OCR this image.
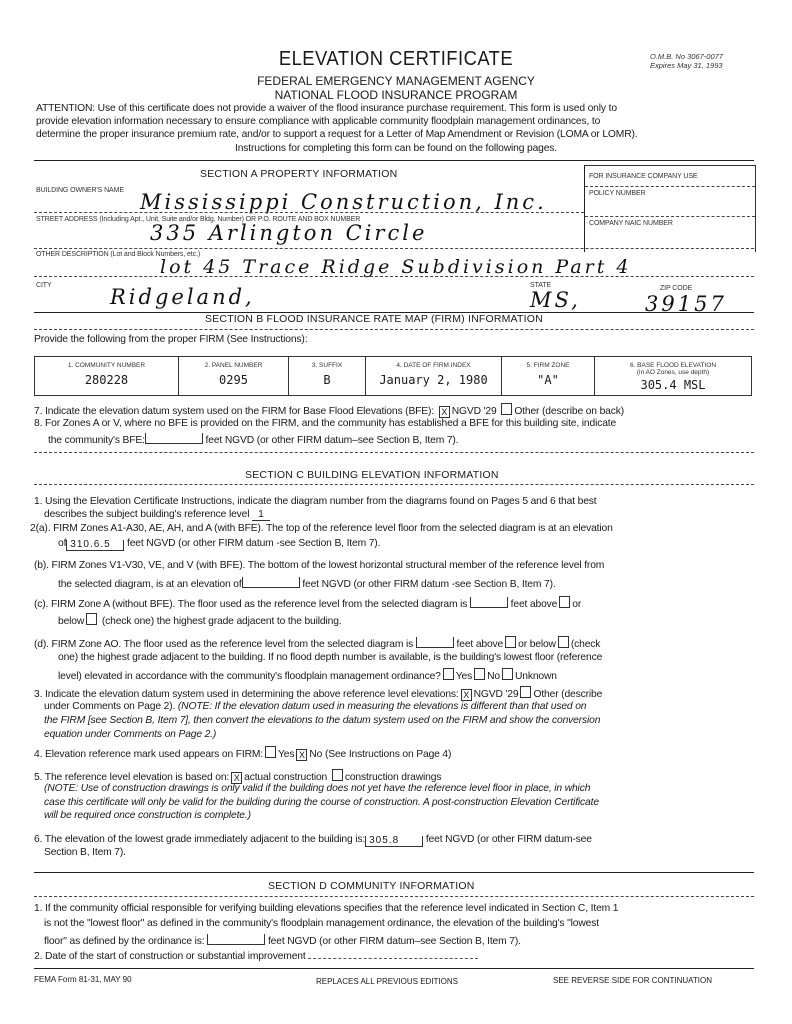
ELEVATION CERTIFICATE	O.M.B. No 3067-0077
Expires May 31, 1993
FEDERAL EMERGENCY MANAGEMENT AGENCY
NATIONAL FLOOD INSURANCE PROGRAM
ATTENTION: Use of this certificate does not provide a waiver of the flood insurance purchase requirement. This form is used only to
provide elevation information necessary to ensure compliance with applicable community floodplain management ordinances, to
determine the proper insurance premium rate, and/or to support a request for a Letter of Map Amendment or Revision (LOMA or LOMR).
Instructions for completing this form can be found on the following pages.
SECTION A PROPERTY INFORMATION	FOR INSURANCE COMPANY USE
POLICY NUMBER
COMPANY NAIC NUMBER
BUILDING OWNER'S NAME Mississippi Construction, Inc.
STREET ADDRESS (Including Apt., Unit, Suite and/or Bldg. Number) OR P.O. ROUTE AND BOX NUMBER
335 Arlington Circle
OTHER DESCRIPTION (Lot and Block Numbers, etc.)
lot 45 Trace Ridge Subdivision Part 4
CITY	Ridgeland,	STATE
MS,	ZIP CODE
39157
SECTION B FLOOD INSURANCE RATE MAP (FIRM) INFORMATION
Provide the following from the proper FIRM (See Instructions):
1. COMMUNITY NUMBER
280228
2. PANEL NUMBER
0295
3. SUFFIX
B
4. DATE OF FIRM INDEX
January 2, 1980
5. FIRM ZONE
"A"
6. BASE FLOOD ELEVATION
(in AO Zones, use depth)
305.4 MSL
7. Indicate the elevation datum system used on the FIRM for Base Flood Elevations (BFE): X NGVD '29 Other (describe on back)
8. For Zones A or V, where no BFE is provided on the FIRM, and the community has established a BFE for this building site, indicate
the community's BFE:	feet NGVD (or other FIRM datum–see Section B, Item 7).
SECTION C BUILDING ELEVATION INFORMATION
1. Using the Elevation Certificate Instructions, indicate the diagram number from the diagrams found on Pages 5 and 6 that best
describes the subject building's reference level 1
2(a). FIRM Zones A1-A30, AE, AH, and A (with BFE). The top of the reference level floor from the selected diagram is at an elevation
of 310.6.5 feet NGVD (or other FIRM datum -see Section B, Item 7).
(b). FIRM Zones V1-V30, VE, and V (with BFE). The bottom of the lowest horizontal structural member of the reference level from
the selected diagram, is at an elevation of	feet NGVD (or other FIRM datum -see Section B, Item 7).
(c). FIRM Zone A (without BFE). The floor used as the reference level from the selected diagram is	feet above or
below (check one) the highest grade adjacent to the building.
(d). FIRM Zone AO. The floor used as the reference level from the selected diagram is	feet above or below (check
one) the highest grade adjacent to the building. If no flood depth number is available, is the building's lowest floor (reference
level) elevated in accordance with the community's floodplain management ordinance? Yes No Unknown
3. Indicate the elevation datum system used in determining the above reference level elevations: X NGVD '29 Other (describe
under Comments on Page 2). (NOTE: If the elevation datum used in measuring the elevations is different than that used on
the FIRM [see Section B, Item 7], then convert the elevations to the datum system used on the FIRM and show the conversion
equation under Comments on Page 2.)
4. Elevation reference mark used appears on FIRM: Yes X No (See Instructions on Page 4)
5. The reference level elevation is based on: X actual construction construction drawings
(NOTE: Use of construction drawings is only valid if the building does not yet have the reference level floor in place, in which
case this certificate will only be valid for the building during the course of construction. A post-construction Elevation Certificate
will be required once construction is complete.)
6. The elevation of the lowest grade immediately adjacent to the building is: 305.8	feet NGVD (or other FIRM datum-see
Section B, Item 7).
SECTION D COMMUNITY INFORMATION
1. If the community official responsible for verifying building elevations specifies that the reference level indicated in Section C, Item 1
is not the "lowest floor" as defined in the community's floodplain management ordinance, the elevation of the building's "lowest
floor" as defined by the ordinance is:	feet NGVD (or other FIRM datum–see Section B, Item 7).
2. Date of the start of construction or substantial improvement
FEMA Form 81-31, MAY 90	REPLACES ALL PREVIOUS EDITIONS	SEE REVERSE SIDE FOR CONTINUATION
